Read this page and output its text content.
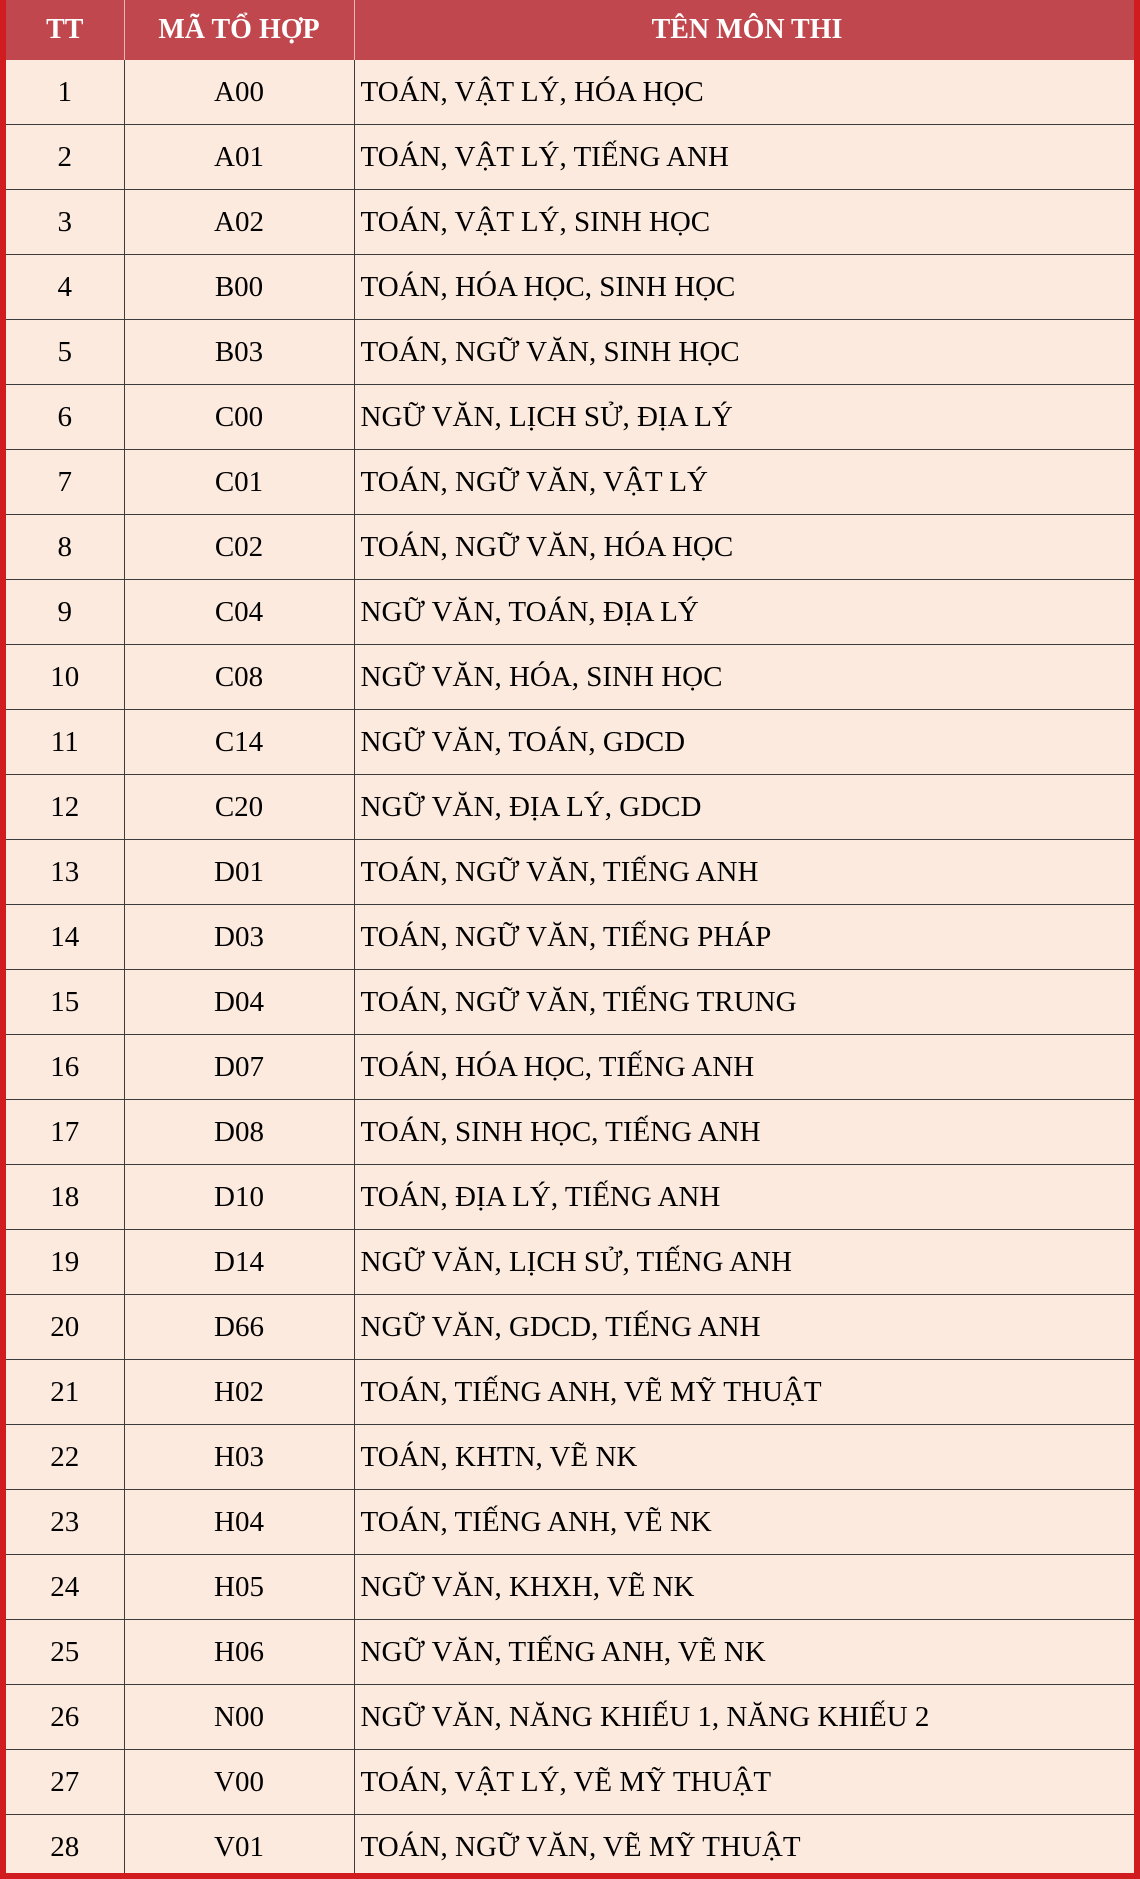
TT	MÃ TỔ HỢP	TÊN MÔN THI
1	A00	TOÁN, VẬT LÝ, HÓA HỌC
2	A01	TOÁN, VẬT LÝ, TIẾNG ANH
3	A02	TOÁN, VẬT LÝ, SINH HỌC
4	B00	TOÁN, HÓA HỌC, SINH HỌC
5	B03	TOÁN, NGỮ VĂN, SINH HỌC
6	C00	NGỮ VĂN, LỊCH SỬ, ĐỊA LÝ
7	C01	TOÁN, NGỮ VĂN, VẬT LÝ
8	C02	TOÁN, NGỮ VĂN, HÓA HỌC
9	C04	NGỮ VĂN, TOÁN, ĐỊA LÝ
10	C08	NGỮ VĂN, HÓA, SINH HỌC
11	C14	NGỮ VĂN, TOÁN, GDCD
12	C20	NGỮ VĂN, ĐỊA LÝ, GDCD
13	D01	TOÁN, NGỮ VĂN, TIẾNG ANH
14	D03	TOÁN, NGỮ VĂN, TIẾNG PHÁP
15	D04	TOÁN, NGỮ VĂN, TIẾNG TRUNG
16	D07	TOÁN, HÓA HỌC, TIẾNG ANH
17	D08	TOÁN, SINH HỌC, TIẾNG ANH
18	D10	TOÁN, ĐỊA LÝ, TIẾNG ANH
19	D14	NGỮ VĂN, LỊCH SỬ, TIẾNG ANH
20	D66	NGỮ VĂN, GDCD, TIẾNG ANH
21	H02	TOÁN, TIẾNG ANH, VẼ MỸ THUẬT
22	H03	TOÁN, KHTN, VẼ NK
23	H04	TOÁN, TIẾNG ANH, VẼ NK
24	H05	NGỮ VĂN, KHXH, VẼ NK
25	H06	NGỮ VĂN, TIẾNG ANH, VẼ NK
26	N00	NGỮ VĂN, NĂNG KHIẾU 1, NĂNG KHIẾU 2
27	V00	TOÁN, VẬT LÝ, VẼ MỸ THUẬT
28	V01	TOÁN, NGỮ VĂN, VẼ MỸ THUẬT
